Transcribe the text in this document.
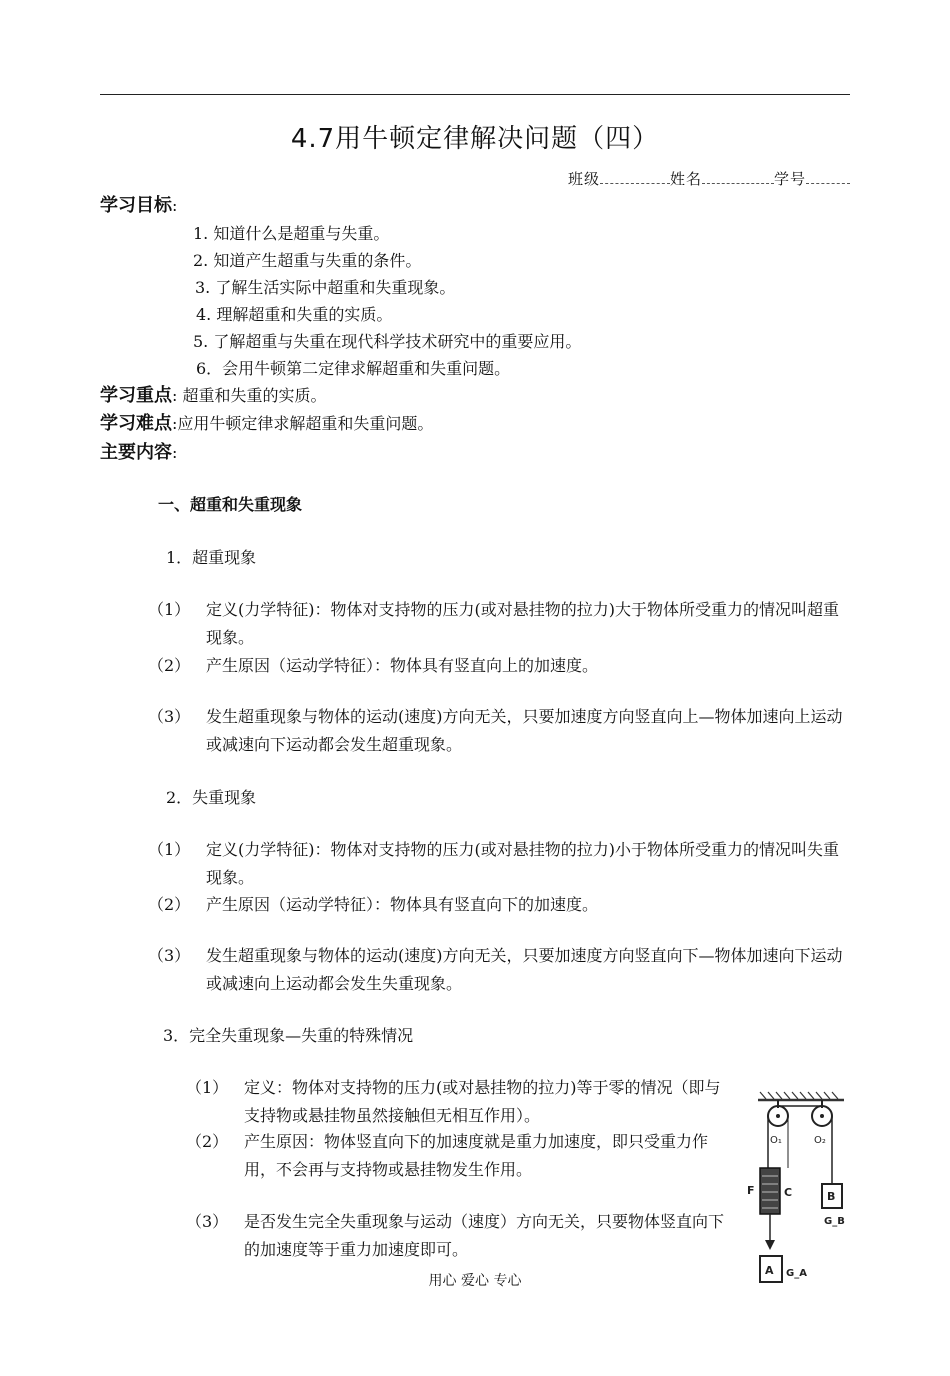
4.7用牛顿定律解决问题（四）
班级	姓名	学号
学习目标:
1. 知道什么是超重与失重。
2. 知道产生超重与失重的条件。
3. 了解生活实际中超重和失重现象。
4. 理解超重和失重的实质。
5. 了解超重与失重在现代科学技术研究中的重要应用。
6．会用牛顿第二定律求解超重和失重问题。
学习重点: 超重和失重的实质。
学习难点:应用牛顿定律求解超重和失重问题。
主要内容:
一、超重和失重现象
1．超重现象
（1） 定义(力学特征)：物体对支持物的压力(或对悬挂物的拉力)大于物体所受重力的情况叫超重现象。
（2） 产生原因（运动学特征）：物体具有竖直向上的加速度。
（3） 发生超重现象与物体的运动(速度)方向无关，只要加速度方向竖直向上—物体加速向上运动或减速向下运动都会发生超重现象。
2．失重现象
（1） 定义(力学特征)：物体对支持物的压力(或对悬挂物的拉力)小于物体所受重力的情况叫失重现象。
（2） 产生原因（运动学特征）：物体具有竖直向下的加速度。
（3） 发生超重现象与物体的运动(速度)方向无关，只要加速度方向竖直向下—物体加速向下运动或减速向上运动都会发生失重现象。
3．完全失重现象—失重的特殊情况
（1） 定义：物体对支持物的压力(或对悬挂物的拉力)等于零的情况（即与支持物或悬挂物虽然接触但无相互作用）。
（2） 产生原因：物体竖直向下的加速度就是重力加速度，即只受重力作用，不会再与支持物或悬挂物发生作用。
（3） 是否发生完全失重现象与运动（速度）方向无关，只要物体竖直向下的加速度等于重力加速度即可。
O₁	O₂
F	C	B
G_B
A G_A
用心 爱心 专心
